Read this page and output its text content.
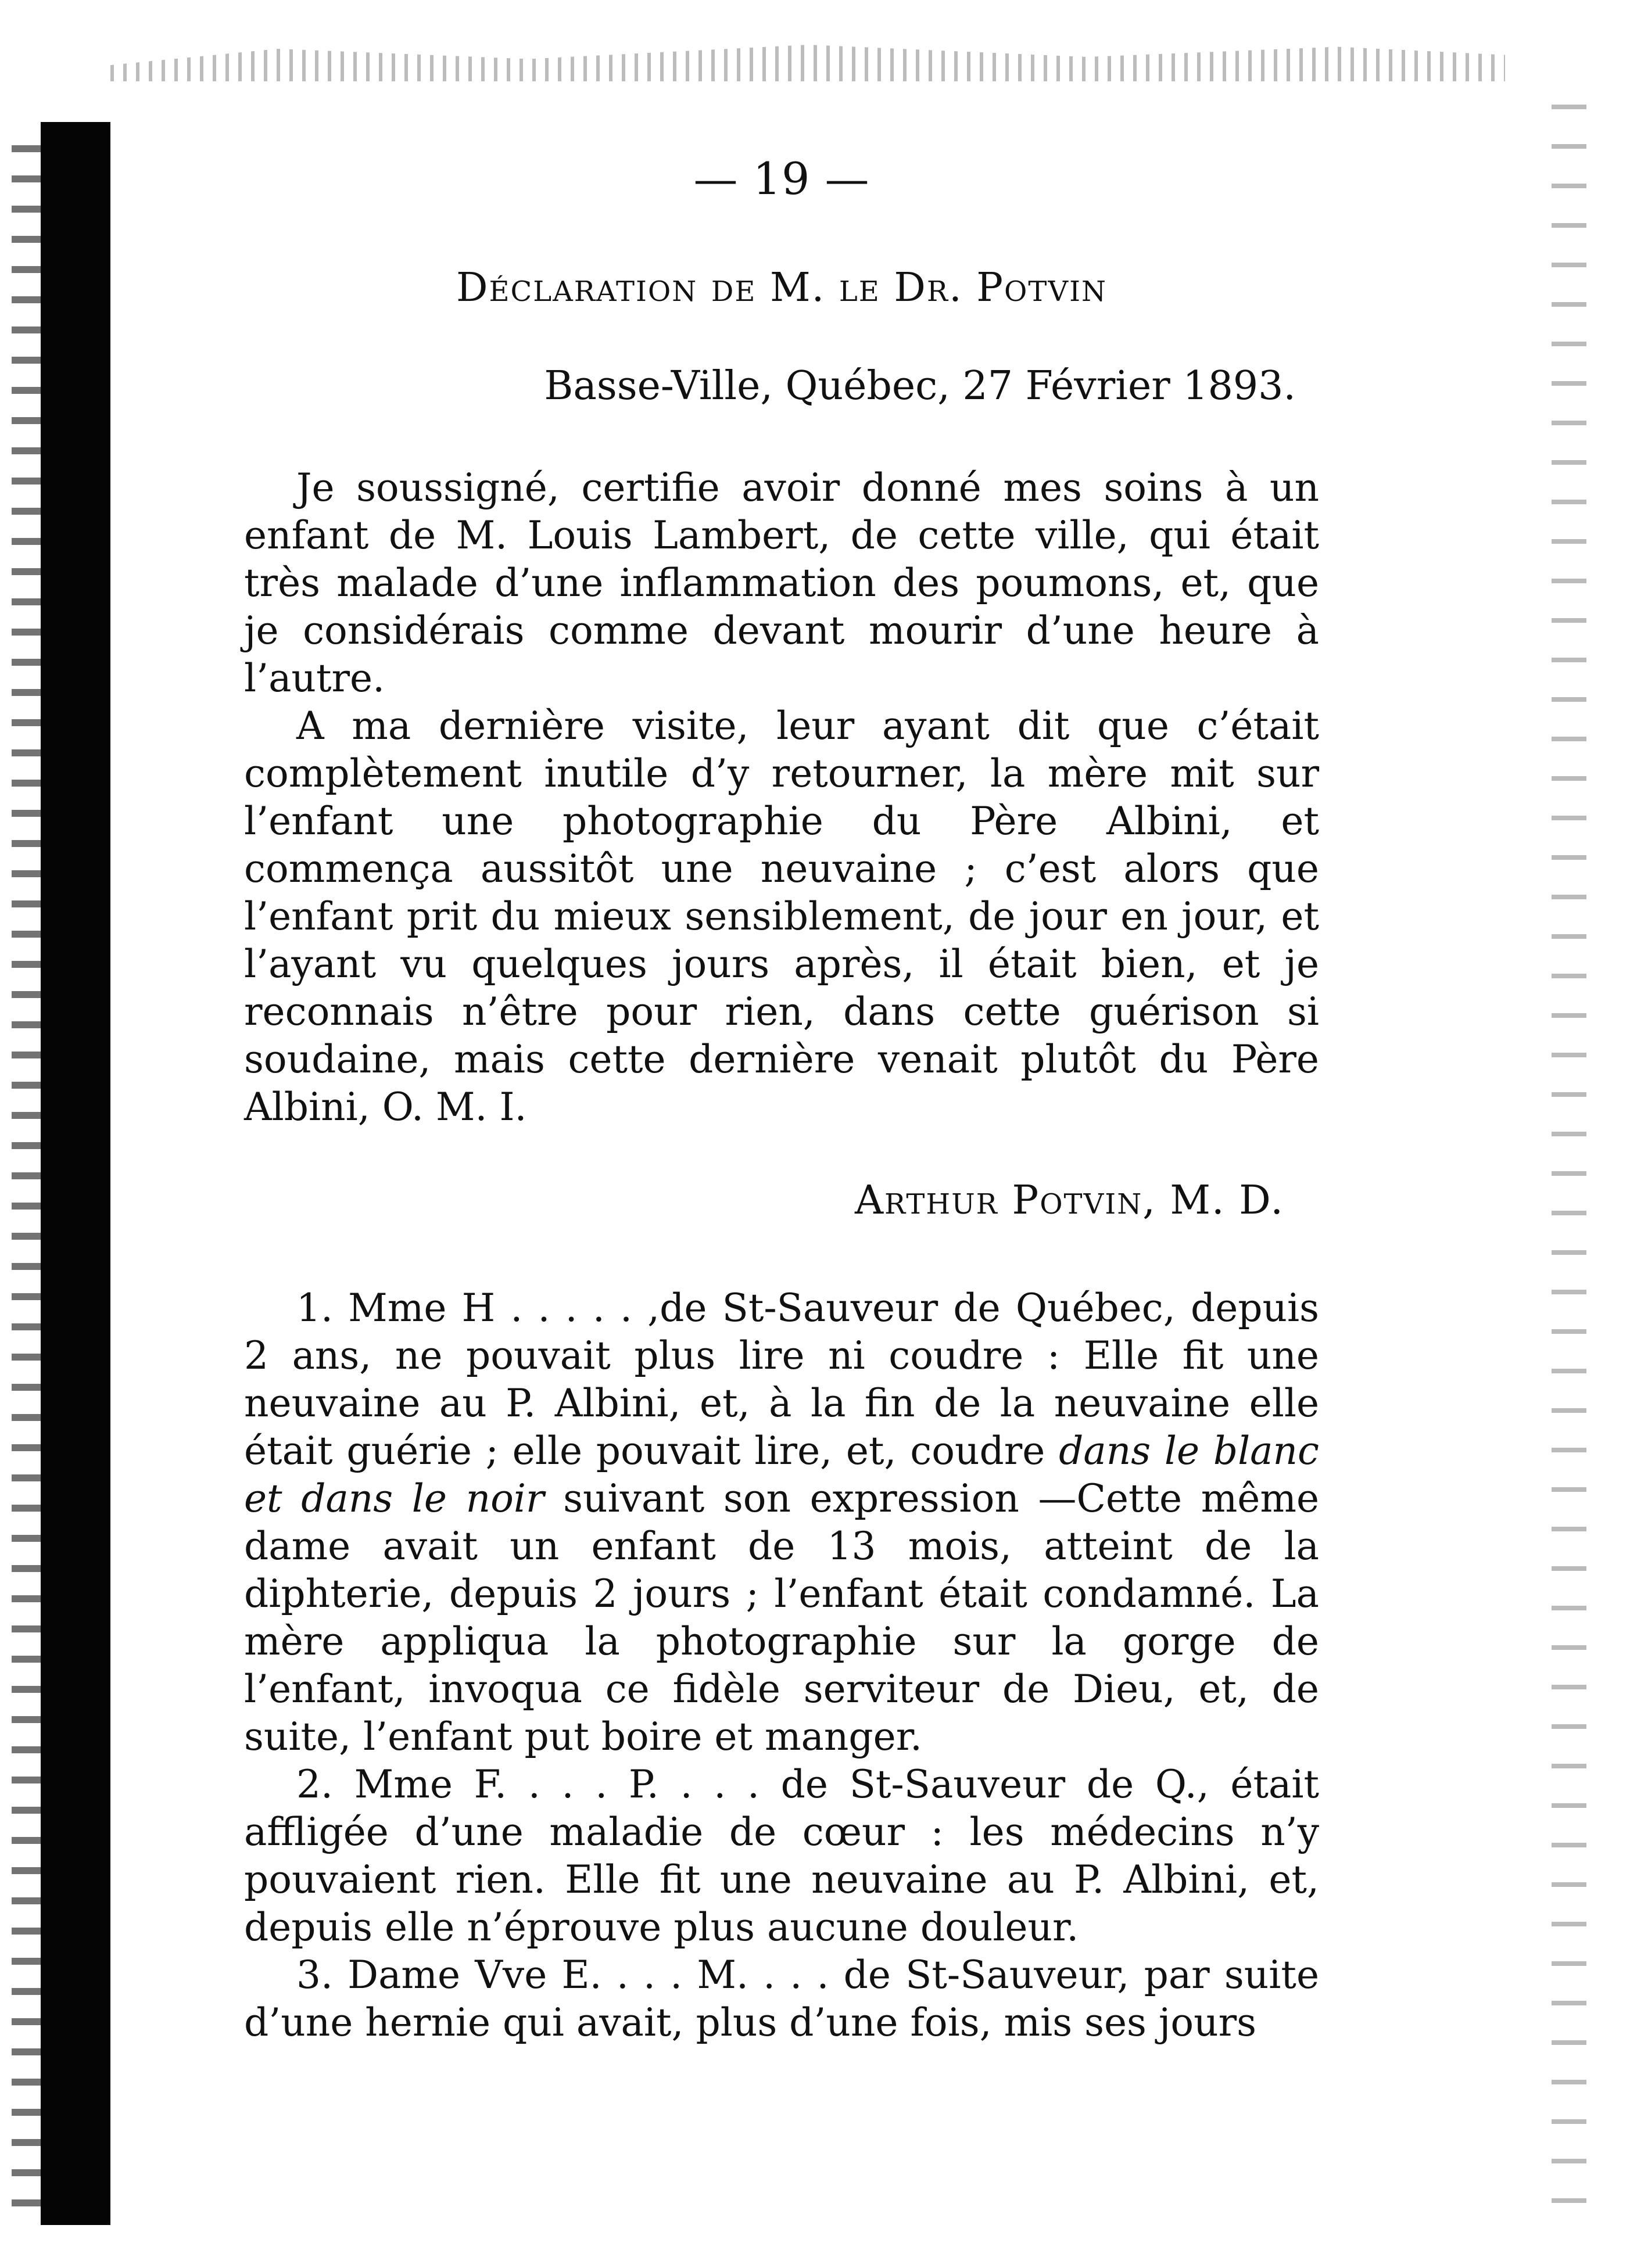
— 19 —
Déclaration de M. le Dr. Potvin
Basse-Ville, Québec, 27 Février 1893.

Je soussigné, certifie avoir donné mes soins à un enfant de M. Louis Lambert, de cette ville, qui était très malade d’une inflammation des poumons, et, que je considérais comme devant mourir d’une heure à l’autre.

A ma dernière visite, leur ayant dit que c’était complètement inutile d’y retourner, la mère mit sur l’enfant une photographie du Père Albini, et commença aussitôt une neuvaine ; c’est alors que l’enfant prit du mieux sensiblement, de jour en jour, et l’ayant vu quelques jours après, il était bien, et je reconnais n’être pour rien, dans cette guérison si soudaine, mais cette dernière venait plutôt du Père Albini, O. M. I.

Arthur Potvin, M. D.

1. Mme H . . . . . ,de St-Sauveur de Québec, depuis 2 ans, ne pouvait plus lire ni coudre : Elle fit une neuvaine au P. Albini, et, à la fin de la neuvaine elle était guérie ; elle pouvait lire, et, coudre dans le blanc et dans le noir suivant son expression —Cette même dame avait un enfant de 13 mois, atteint de la diphterie, depuis 2 jours ; l’enfant était condamné. La mère appliqua la photographie sur la gorge de l’enfant, invoqua ce fidèle serviteur de Dieu, et, de suite, l’enfant put boire et manger.

2. Mme F. . . . P. . . . de St-Sauveur de Q., était affligée d’une maladie de cœur : les médecins n’y pouvaient rien. Elle fit une neuvaine au P. Albini, et, depuis elle n’éprouve plus aucune douleur.

3. Dame Vve E. . . . M. . . . de St-Sauveur, par suite d’une hernie qui avait, plus d’une fois, mis ses jours
